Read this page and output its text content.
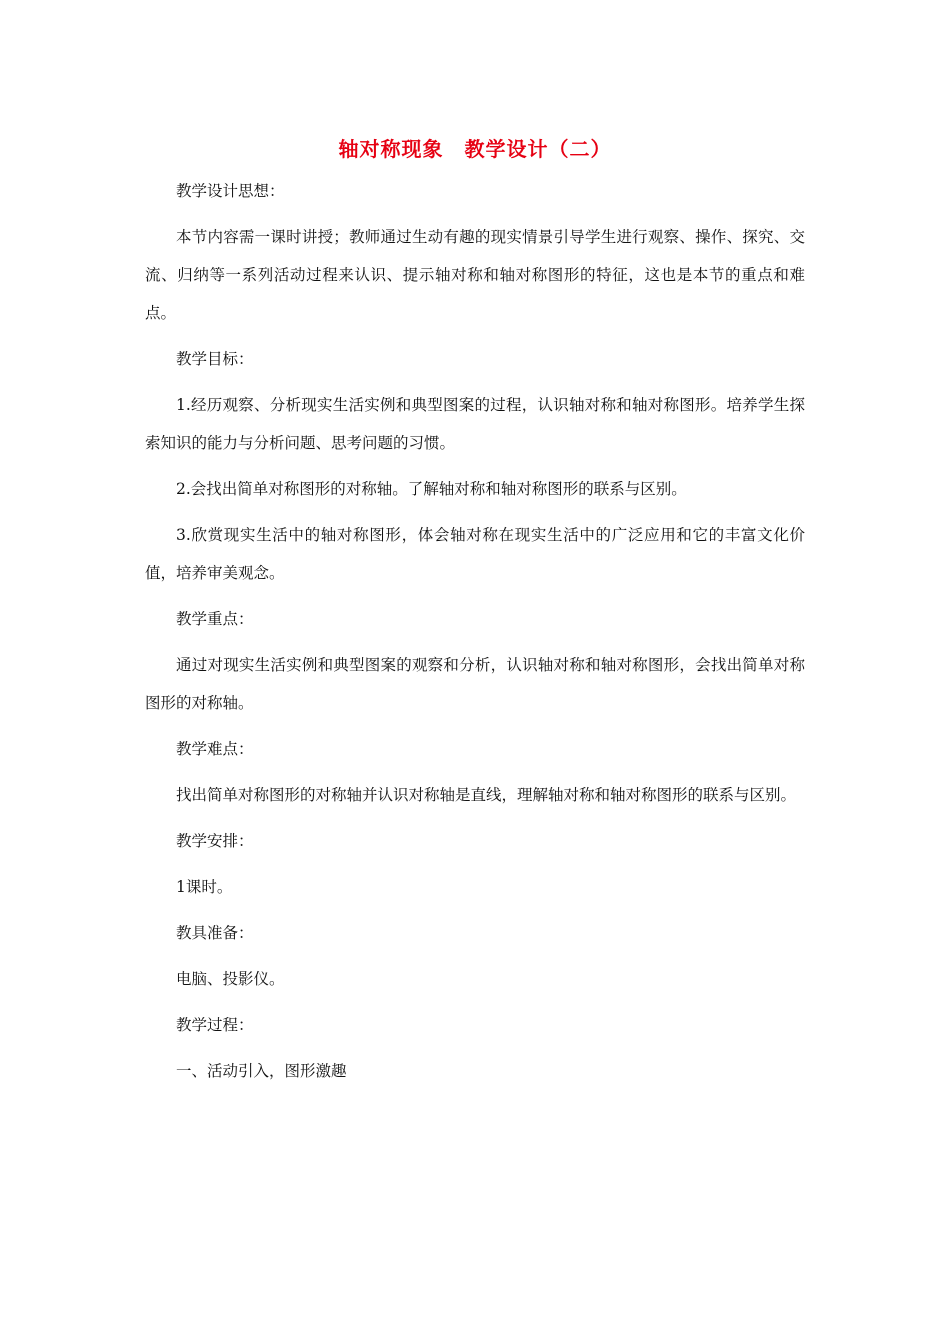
轴对称现象　教学设计（二）

教学设计思想：

本节内容需一课时讲授；教师通过生动有趣的现实情景引导学生进行观察、操作、探究、交流、归纳等一系列活动过程来认识、提示轴对称和轴对称图形的特征，这也是本节的重点和难点。

教学目标：

1.经历观察、分析现实生活实例和典型图案的过程，认识轴对称和轴对称图形。培养学生探索知识的能力与分析问题、思考问题的习惯。

2.会找出简单对称图形的对称轴。了解轴对称和轴对称图形的联系与区别。

3.欣赏现实生活中的轴对称图形，体会轴对称在现实生活中的广泛应用和它的丰富文化价值，培养审美观念。

教学重点：

通过对现实生活实例和典型图案的观察和分析，认识轴对称和轴对称图形，会找出简单对称图形的对称轴。

教学难点：

找出简单对称图形的对称轴并认识对称轴是直线，理解轴对称和轴对称图形的联系与区别。

教学安排：

1课时。

教具准备：

电脑、投影仪。

教学过程：

一、活动引入，图形激趣
